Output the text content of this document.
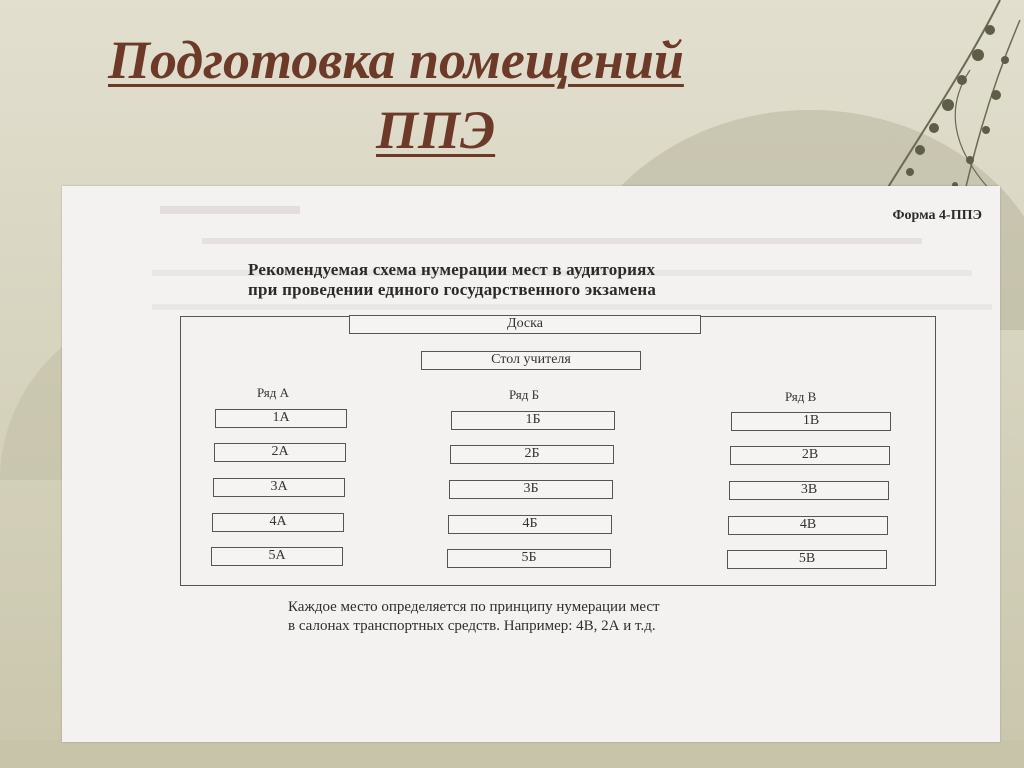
Подготовка помещений
ППЭ
Форма 4-ППЭ
Рекомендуемая схема нумерации мест в аудиториях
при проведении единого государственного экзамена
Доска
Стол учителя
Ряд А	Ряд Б	Ряд В
1А
2А
3А
4А
5А
1Б
2Б
3Б
4Б
5Б
1В
2В
3В
4В
5В
Каждое место определяется по принципу нумерации мест
в салонах транспортных средств. Например: 4В, 2А и т.д.
